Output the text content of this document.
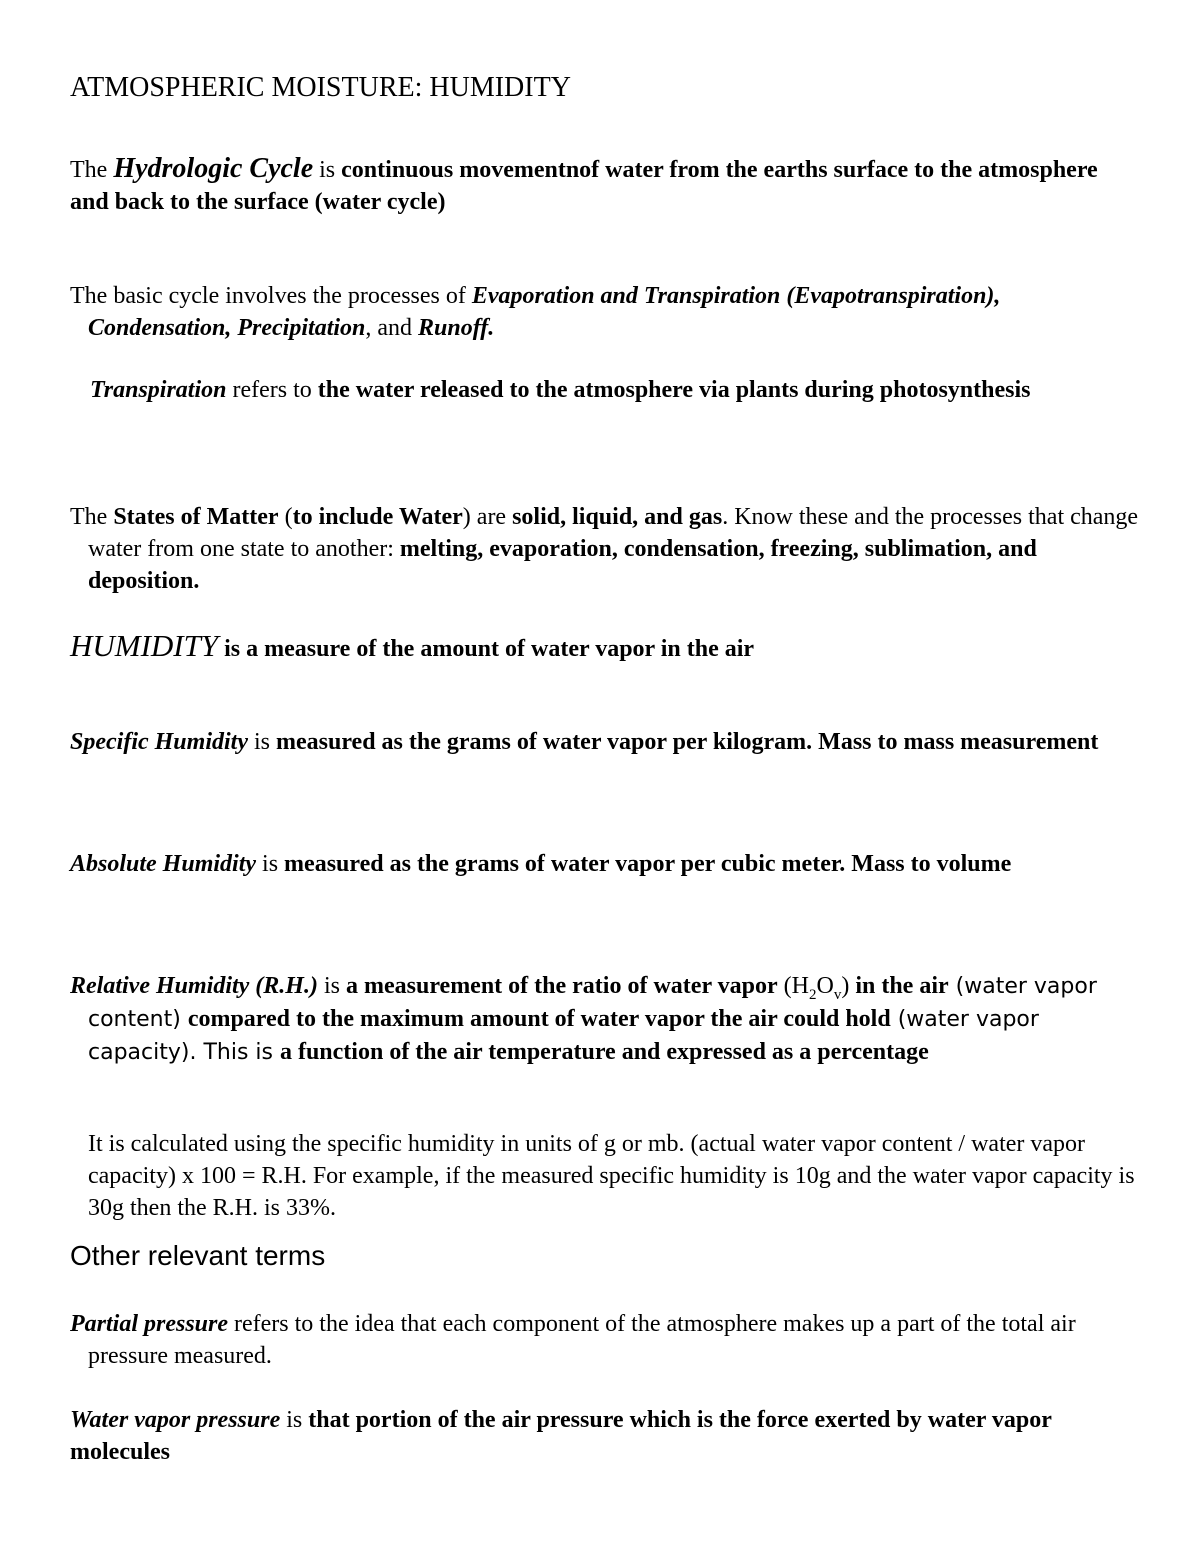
ATMOSPHERIC MOISTURE: HUMIDITY

The Hydrologic Cycle is continuous movementnof water from the earths surface to the atmosphere and back to the surface (water cycle)

The basic cycle involves the processes of Evaporation and Transpiration (Evapotranspiration), Condensation, Precipitation, and Runoff.

Transpiration refers to the water released to the atmosphere via plants during photosynthesis

The States of Matter (to include Water) are solid, liquid, and gas. Know these and the processes that change water from one state to another: melting, evaporation, condensation, freezing, sublimation, and deposition.

HUMIDITY is a measure of the amount of water vapor in the air

Specific Humidity is measured as the grams of water vapor per kilogram. Mass to mass measurement

Absolute Humidity is measured as the grams of water vapor per cubic meter. Mass to volume

Relative Humidity (R.H.) is a measurement of the ratio of water vapor $(H_2O_v)$ in the air (water vapor content) compared to the maximum amount of water vapor the air could hold (water vapor capacity). This is a function of the air temperature and expressed as a percentage

It is calculated using the specific humidity in units of g or mb. (actual water vapor content / water vapor capacity) x 100 = R.H. For example, if the measured specific humidity is 10g and the water vapor capacity is 30g then the R.H. is 33%.

Other relevant terms

Partial pressure refers to the idea that each component of the atmosphere makes up a part of the total air pressure measured.

Water vapor pressure is that portion of the air pressure which is the force exerted by water vapor molecules
